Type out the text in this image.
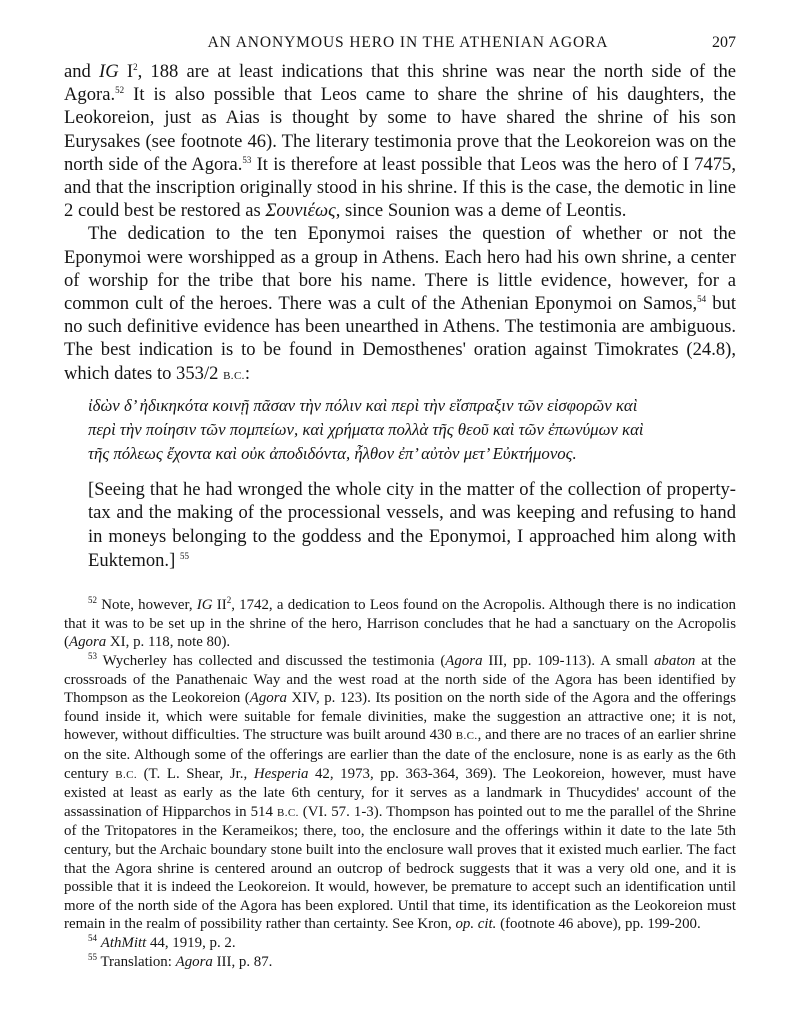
AN ANONYMOUS HERO IN THE ATHENIAN AGORA	207

and IG I$^2$, 188 are at least indications that this shrine was near the north side of the Agora.$^{52}$ It is also possible that Leos came to share the shrine of his daughters, the Leokoreion, just as Aias is thought by some to have shared the shrine of his son Eurysakes (see footnote 46). The literary testimonia prove that the Leokoreion was on the north side of the Agora.$^{53}$ It is therefore at least possible that Leos was the hero of I 7475, and that the inscription originally stood in his shrine. If this is the case, the demotic in line 2 could best be restored as Σουνιέως, since Sounion was a deme of Leontis.

The dedication to the ten Eponymoi raises the question of whether or not the Eponymoi were worshipped as a group in Athens. Each hero had his own shrine, a center of worship for the tribe that bore his name. There is little evidence, however, for a common cult of the heroes. There was a cult of the Athenian Eponymoi on Samos,$^{54}$ but no such definitive evidence has been unearthed in Athens. The testimonia are ambiguous. The best indication is to be found in Demosthenes' oration against Timokrates (24.8), which dates to 353/2 B.C.:

ἰδὼν δ’ ἠδικηκότα κοινῇ πᾶσαν τὴν πόλιν καὶ περὶ τὴν εἴσπραξιν τῶν εἰσφορῶν καὶ
περὶ τὴν ποίησιν τῶν πομπείων, καὶ χρήματα πολλὰ τῆς θεοῦ καὶ τῶν ἐπωνύμων καὶ
τῆς πόλεως ἔχοντα καὶ οὐκ ἀποδιδόντα, ἦλθον ἐπ’ αὐτὸν μετ’ Εὐκτήμονος.
[Seeing that he had wronged the whole city in the matter of the collection of property-tax and the making of the processional vessels, and was keeping and refusing to hand in moneys belonging to the goddess and the Eponymoi, I approached him along with Euktemon.] $^{55}$

$^{52}$ Note, however, IG II$^2$, 1742, a dedication to Leos found on the Acropolis. Although there is no indication that it was to be set up in the shrine of the hero, Harrison concludes that he had a sanctuary on the Acropolis (Agora XI, p. 118, note 80).

$^{53}$ Wycherley has collected and discussed the testimonia (Agora III, pp. 109-113). A small abaton at the crossroads of the Panathenaic Way and the west road at the north side of the Agora has been identified by Thompson as the Leokoreion (Agora XIV, p. 123). Its position on the north side of the Agora and the offerings found inside it, which were suitable for female divinities, make the suggestion an attractive one; it is not, however, without difficulties. The structure was built around 430 B.C., and there are no traces of an earlier shrine on the site. Although some of the offerings are earlier than the date of the enclosure, none is as early as the 6th century B.C. (T. L. Shear, Jr., Hesperia 42, 1973, pp. 363-364, 369). The Leokoreion, however, must have existed at least as early as the late 6th century, for it serves as a landmark in Thucydides' account of the assassination of Hipparchos in 514 B.C. (VI. 57. 1-3). Thompson has pointed out to me the parallel of the Shrine of the Tritopatores in the Kerameikos; there, too, the enclosure and the offerings within it date to the late 5th century, but the Archaic boundary stone built into the enclosure wall proves that it existed much earlier. The fact that the Agora shrine is centered around an outcrop of bedrock suggests that it was a very old one, and it is possible that it is indeed the Leokoreion. It would, however, be premature to accept such an identification until more of the north side of the Agora has been explored. Until that time, its identification as the Leokoreion must remain in the realm of possibility rather than certainty. See Kron, op. cit. (footnote 46 above), pp. 199-200.

$^{54}$ AthMitt 44, 1919, p. 2.

$^{55}$ Translation: Agora III, p. 87.
